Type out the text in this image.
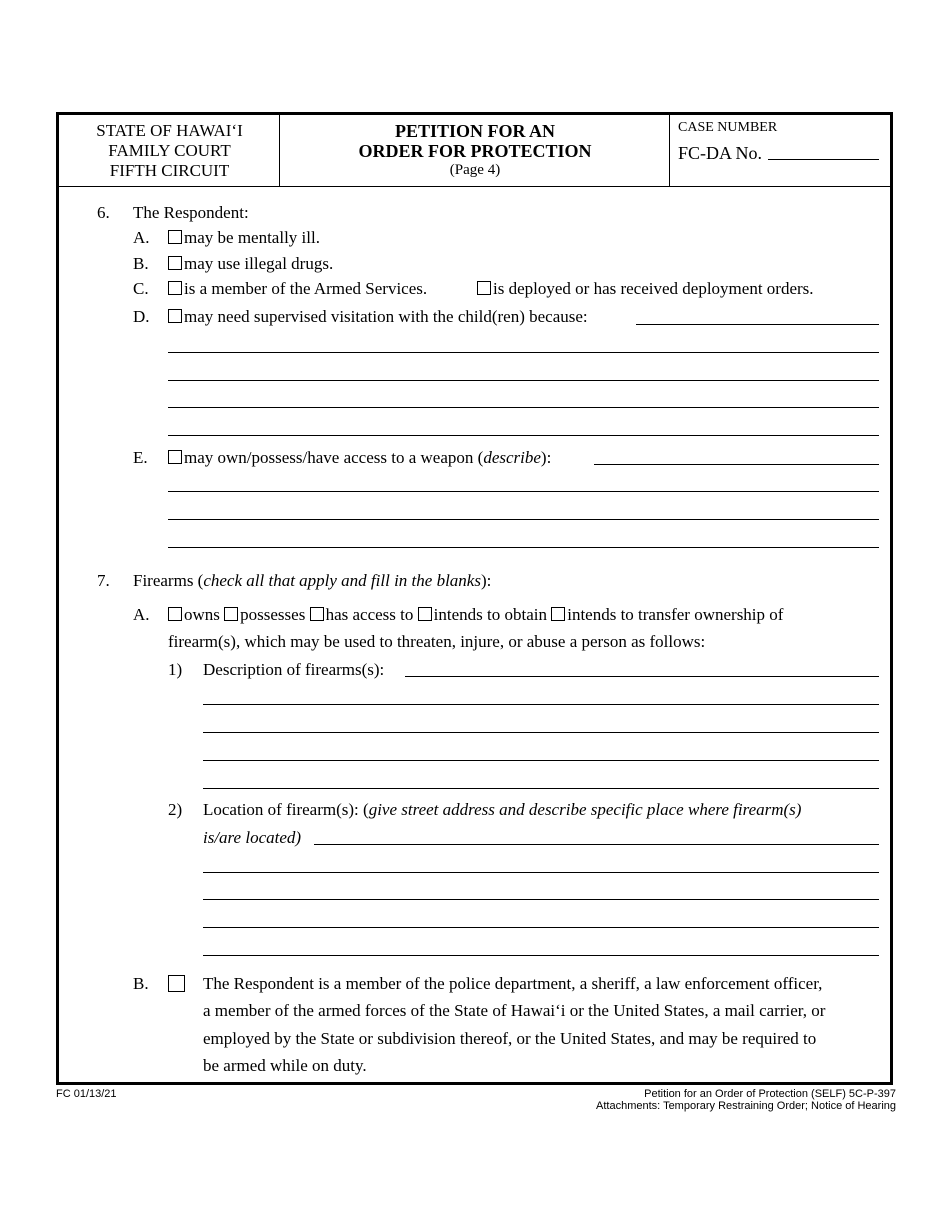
STATE OF HAWAIʻI
FAMILY COURT
FIFTH CIRCUIT
PETITION FOR AN
ORDER FOR PROTECTION
(Page 4)
CASE NUMBER
FC-DA No.
6. The Respondent:
A.	may be mentally ill.
B.	may use illegal drugs.
C.	is a member of the Armed Services.	is deployed or has received deployment orders.
D.	may need supervised visitation with the child(ren) because:
E.	may own/possess/have access to a weapon (describe):
7. Firearms (check all that apply and fill in the blanks):
A.	owns possesses has access to intends to obtain intends to transfer ownership of
firearm(s), which may be used to threaten, injure, or abuse a person as follows:
1) Description of firearms(s):
2) Location of firearm(s): (give street address and describe specific place where firearm(s)
is/are located)
B.	The Respondent is a member of the police department, a sheriff, a law enforcement officer,
a member of the armed forces of the State of Hawaiʻi or the United States, a mail carrier, or
employed by the State or subdivision thereof, or the United States, and may be required to
be armed while on duty.
FC 01/13/21	Petition for an Order of Protection (SELF) 5C-P-397
Attachments: Temporary Restraining Order; Notice of Hearing
